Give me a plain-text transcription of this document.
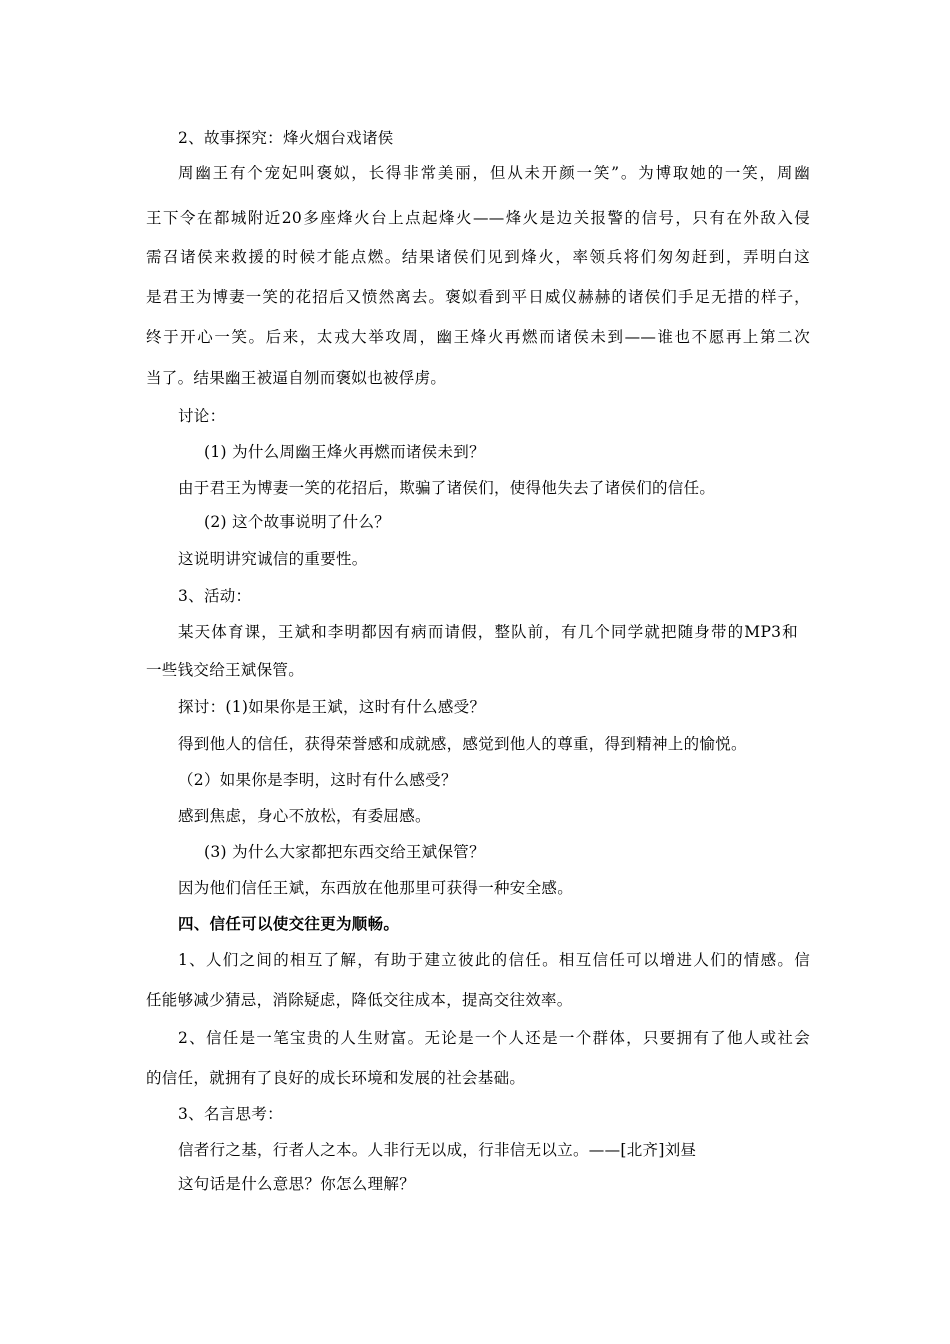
2、故事探究：烽火烟台戏诸侯
周幽王有个宠妃叫褒姒，长得非常美丽，但从未开颜一笑”。为博取她的一笑，周幽
王下令在都城附近20多座烽火台上点起烽火——烽火是边关报警的信号，只有在外敌入侵
需召诸侯来救援的时候才能点燃。结果诸侯们见到烽火，率领兵将们匆匆赶到，弄明白这
是君王为博妻一笑的花招后又愤然离去。褒姒看到平日威仪赫赫的诸侯们手足无措的样子，
终于开心一笑。后来，太戎大举攻周，幽王烽火再燃而诸侯未到——谁也不愿再上第二次
当了。结果幽王被逼自刎而褒姒也被俘虏。
讨论：
(1) 为什么周幽王烽火再燃而诸侯未到？
由于君王为博妻一笑的花招后，欺骗了诸侯们，使得他失去了诸侯们的信任。
(2) 这个故事说明了什么？
这说明讲究诚信的重要性。
3、活动：
某天体育课，王斌和李明都因有病而请假，整队前，有几个同学就把随身带的MP3和
一些钱交给王斌保管。
探讨：(1)如果你是王斌，这时有什么感受？
得到他人的信任，获得荣誉感和成就感，感觉到他人的尊重，得到精神上的愉悦。
（2）如果你是李明，这时有什么感受？
感到焦虑，身心不放松，有委屈感。
(3) 为什么大家都把东西交给王斌保管？
因为他们信任王斌，东西放在他那里可获得一种安全感。
四、信任可以使交往更为顺畅。
1、人们之间的相互了解，有助于建立彼此的信任。相互信任可以增进人们的情感。信
任能够减少猜忌，消除疑虑，降低交往成本，提高交往效率。
2、信任是一笔宝贵的人生财富。无论是一个人还是一个群体，只要拥有了他人或社会
的信任，就拥有了良好的成长环境和发展的社会基础。
3、名言思考：
信者行之基，行者人之本。人非行无以成，行非信无以立。——[北齐]刘昼
这句话是什么意思？你怎么理解？
